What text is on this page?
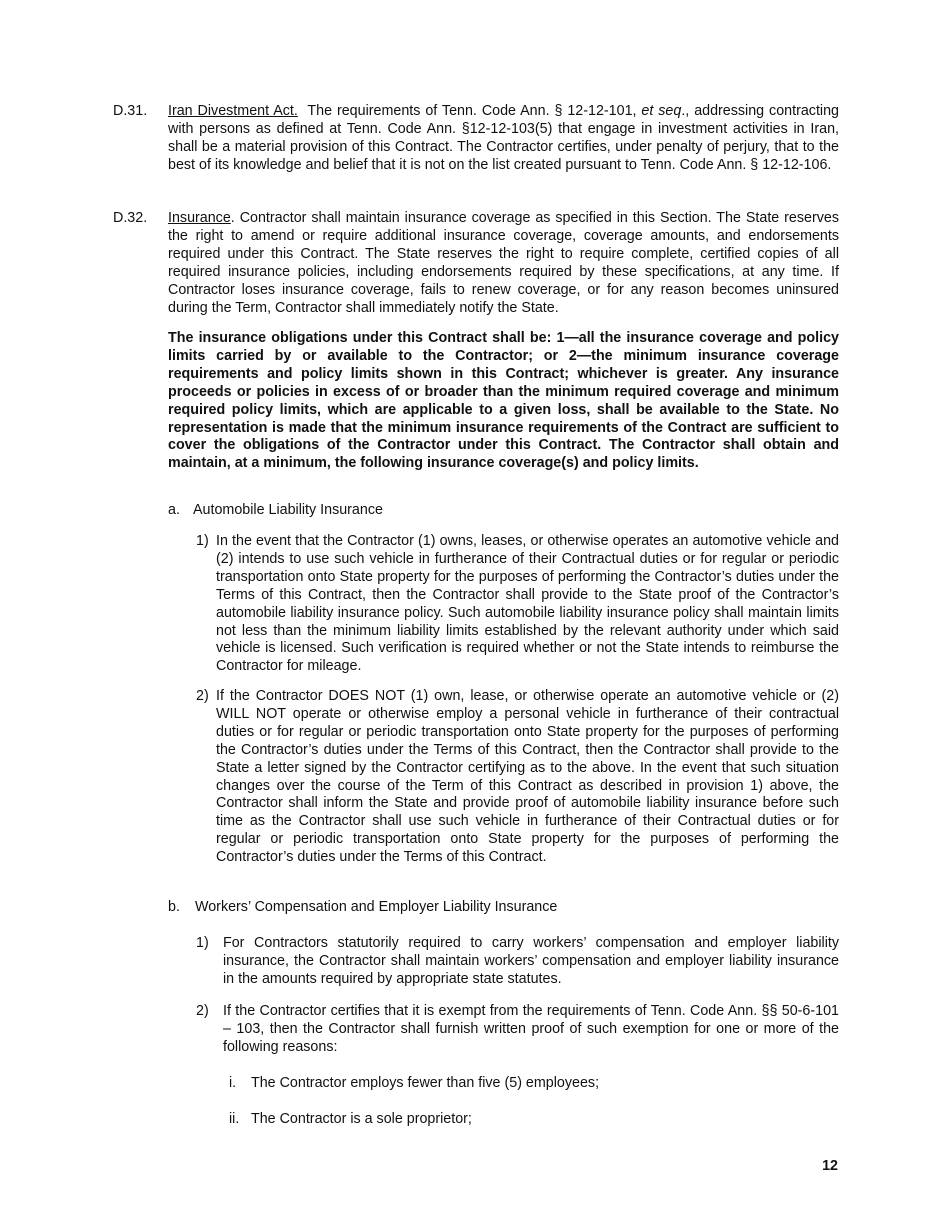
D.31. Iran Divestment Act.  The requirements of Tenn. Code Ann. § 12-12-101, et seq., addressing contracting with persons as defined at Tenn. Code Ann. §12-12-103(5) that engage in investment activities in Iran, shall be a material provision of this Contract. The Contractor certifies, under penalty of perjury, that to the best of its knowledge and belief that it is not on the list created pursuant to Tenn. Code Ann. § 12-12-106.
D.32. Insurance. Contractor shall maintain insurance coverage as specified in this Section. The State reserves the right to amend or require additional insurance coverage, coverage amounts, and endorsements required under this Contract. The State reserves the right to require complete, certified copies of all required insurance policies, including endorsements required by these specifications, at any time. If Contractor loses insurance coverage, fails to renew coverage, or for any reason becomes uninsured during the Term, Contractor shall immediately notify the State.
The insurance obligations under this Contract shall be: 1—all the insurance coverage and policy limits carried by or available to the Contractor; or 2—the minimum insurance coverage requirements and policy limits shown in this Contract; whichever is greater. Any insurance proceeds or policies in excess of or broader than the minimum required coverage and minimum required policy limits, which are applicable to a given loss, shall be available to the State. No representation is made that the minimum insurance requirements of the Contract are sufficient to cover the obligations of the Contractor under this Contract. The Contractor shall obtain and maintain, at a minimum, the following insurance coverage(s) and policy limits.
a. Automobile Liability Insurance
1) In the event that the Contractor (1) owns, leases, or otherwise operates an automotive vehicle and (2) intends to use such vehicle in furtherance of their Contractual duties or for regular or periodic transportation onto State property for the purposes of performing the Contractor’s duties under the Terms of this Contract, then the Contractor shall provide to the State proof of the Contractor’s automobile liability insurance policy. Such automobile liability insurance policy shall maintain limits not less than the minimum liability limits established by the relevant authority under which said vehicle is licensed. Such verification is required whether or not the State intends to reimburse the Contractor for mileage.
2) If the Contractor DOES NOT (1) own, lease, or otherwise operate an automotive vehicle or (2) WILL NOT operate or otherwise employ a personal vehicle in furtherance of their contractual duties or for regular or periodic transportation onto State property for the purposes of performing the Contractor’s duties under the Terms of this Contract, then the Contractor shall provide to the State a letter signed by the Contractor certifying as to the above. In the event that such situation changes over the course of the Term of this Contract as described in provision 1) above, the Contractor shall inform the State and provide proof of automobile liability insurance before such time as the Contractor shall use such vehicle in furtherance of their Contractual duties or for regular or periodic transportation onto State property for the purposes of performing the Contractor’s duties under the Terms of this Contract.
b. Workers’ Compensation and Employer Liability Insurance
1) For Contractors statutorily required to carry workers’ compensation and employer liability insurance, the Contractor shall maintain workers’ compensation and employer liability insurance in the amounts required by appropriate state statutes.
2) If the Contractor certifies that it is exempt from the requirements of Tenn. Code Ann. §§ 50-6-101 – 103, then the Contractor shall furnish written proof of such exemption for one or more of the following reasons:
i. The Contractor employs fewer than five (5) employees;
ii. The Contractor is a sole proprietor;
12
